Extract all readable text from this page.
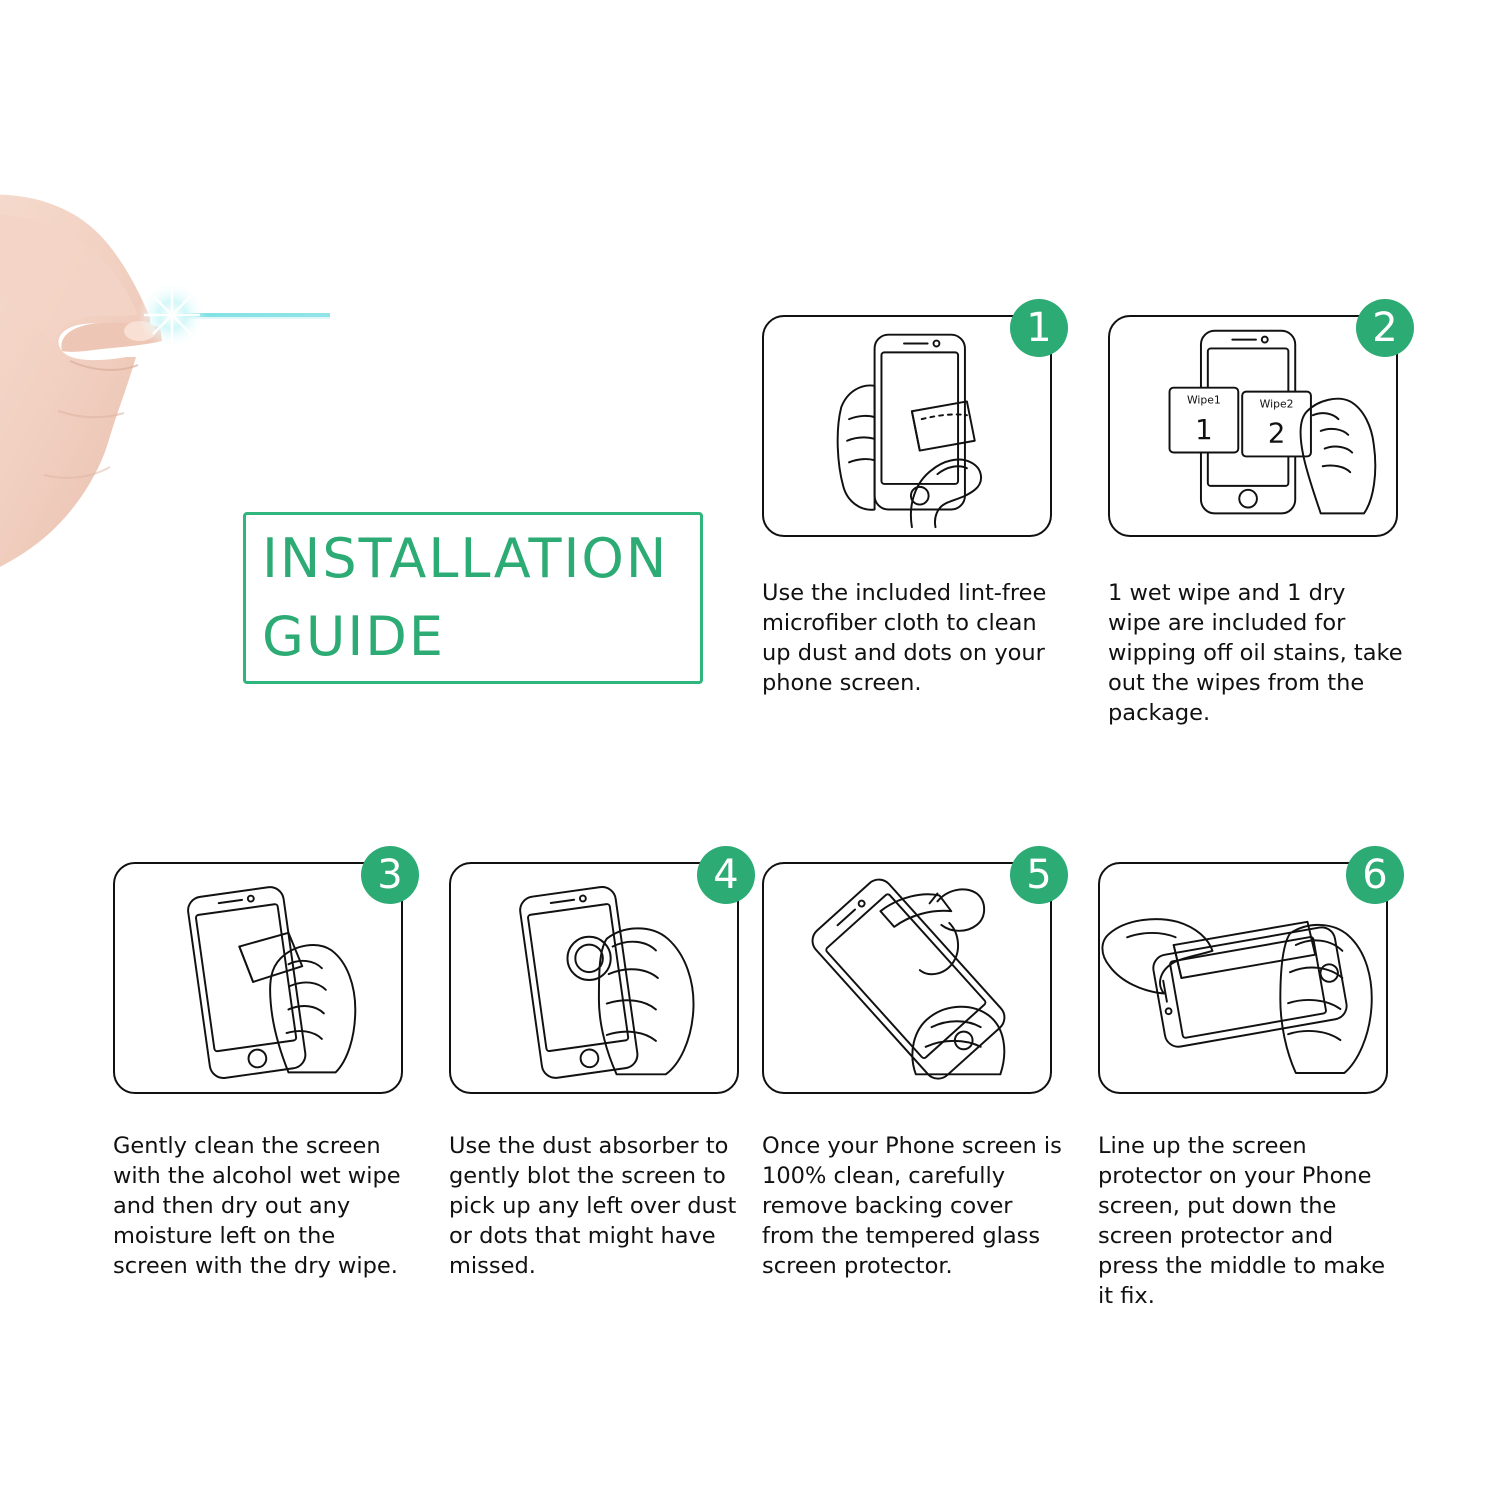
INSTALLATION
GUIDE
1
Use the included lint-free microfiber cloth to clean up dust and dots on your phone screen.
Wipe1
1
Wipe2
2
2
1 wet wipe and 1 dry wipe are included for wipping off oil stains, take out the wipes from the package.
3
Gently clean the screen with the alcohol wet wipe and then dry out any moisture left on the screen with the dry wipe.
4
Use the dust absorber to gently blot the screen to pick up any left over dust or dots that might have missed.
5
Once your Phone screen is 100% clean, carefully remove backing cover from the tempered glass screen protector.
6
Line up the screen protector on your Phone screen, put down the screen protector and press the middle to make it fix.
